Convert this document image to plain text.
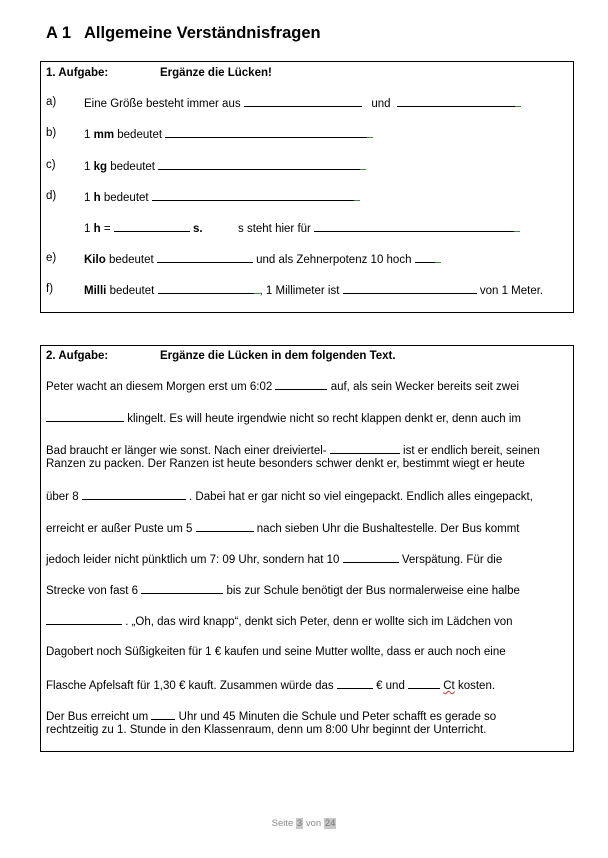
A 1 Allgemeine Verständnisfragen
1. Aufgabe:	Ergänze die Lücken!
a) Eine Größe besteht immer aus	und
b) 1 mm bedeutet
c) 1 kg bedeutet
d) 1 h bedeutet
1 h =	s.	s steht hier für
e) Kilo bedeutet	und als Zehnerpotenz 10 hoch
f)	Milli bedeutet	, 1 Millimeter ist	von 1 Meter.
2. Aufgabe:	Ergänze die Lücken in dem folgenden Text.
Peter wacht an diesem Morgen erst um 6:02	auf, als sein Wecker bereits seit zwei
klingelt. Es will heute irgendwie nicht so recht klappen denkt er, denn auch im
Bad braucht er länger wie sonst. Nach einer dreiviertel-	ist er endlich bereit, seinen
Ranzen zu packen. Der Ranzen ist heute besonders schwer denkt er, bestimmt wiegt er heute
über 8	. Dabei hat er gar nicht so viel eingepackt. Endlich alles eingepackt,
erreicht er außer Puste um 5	nach sieben Uhr die Bushaltestelle. Der Bus kommt
jedoch leider nicht pünktlich um 7: 09 Uhr, sondern hat 10	Verspätung. Für die
Strecke von fast 6	bis zur Schule benötigt der Bus normalerweise eine halbe
. „Oh, das wird knapp“, denkt sich Peter, denn er wollte sich im Lädchen von
Dagobert noch Süßigkeiten für 1 € kaufen und seine Mutter wollte, dass er auch noch eine
Flasche Apfelsaft für 1,30 € kauft. Zusammen würde das	€ und	Ct kosten.
Der Bus erreicht um	Uhr und 45 Minuten die Schule und Peter schafft es gerade so
rechtzeitig zu 1. Stunde in den Klassenraum, denn um 8:00 Uhr beginnt der Unterricht.
Seite 3 von 24
